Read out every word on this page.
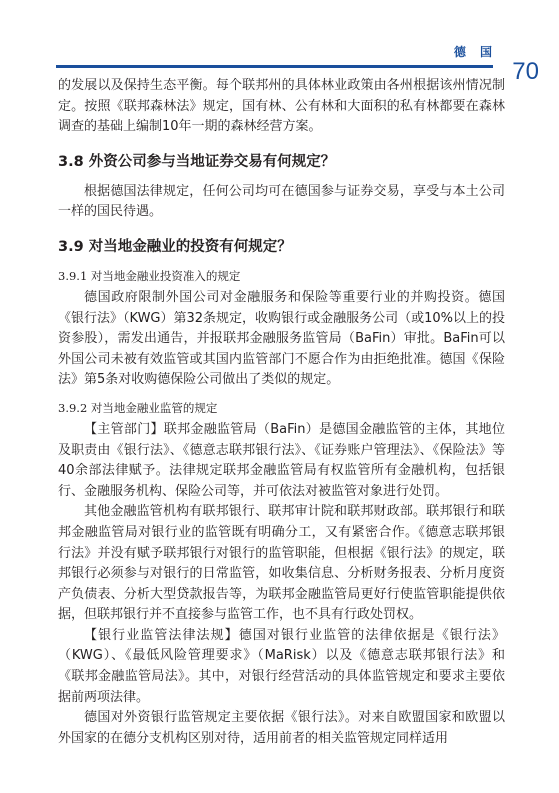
德 国
70

的发展以及保持生态平衡。每个联邦州的具体林业政策由各州根据该州情况制定。按照《联邦森林法》规定，国有林、公有林和大面积的私有林都要在森林调查的基础上编制10年一期的森林经营方案。

3.8 外资公司参与当地证券交易有何规定？

根据德国法律规定，任何公司均可在德国参与证券交易，享受与本土公司一样的国民待遇。

3.9 对当地金融业的投资有何规定？
3.9.1 对当地金融业投资准入的规定

德国政府限制外国公司对金融服务和保险等重要行业的并购投资。德国《银行法》（KWG）第32条规定，收购银行或金融服务公司（或10%以上的投资参股），需发出通告，并报联邦金融服务监管局（BaFin）审批。BaFin可以外国公司未被有效监管或其国内监管部门不愿合作为由拒绝批准。德国《保险法》第5条对收购德保险公司做出了类似的规定。

3.9.2 对当地金融业监管的规定

【主管部门】联邦金融监管局（BaFin）是德国金融监管的主体，其地位及职责由《银行法》、《德意志联邦银行法》、《证券账户管理法》、《保险法》等40余部法律赋予。法律规定联邦金融监管局有权监管所有金融机构，包括银行、金融服务机构、保险公司等，并可依法对被监管对象进行处罚。

其他金融监管机构有联邦银行、联邦审计院和联邦财政部。联邦银行和联邦金融监管局对银行业的监管既有明确分工，又有紧密合作。《德意志联邦银行法》并没有赋予联邦银行对银行的监管职能，但根据《银行法》的规定，联邦银行必须参与对银行的日常监管，如收集信息、分析财务报表、分析月度资产负债表、分析大型贷款报告等，为联邦金融监管局更好行使监管职能提供依据，但联邦银行并不直接参与监管工作，也不具有行政处罚权。

【银行业监管法律法规】德国对银行业监管的法律依据是《银行法》（KWG）、《最低风险管理要求》（MaRisk）以及《德意志联邦银行法》和《联邦金融监管局法》。其中，对银行经营活动的具体监管规定和要求主要依据前两项法律。

德国对外资银行监管规定主要依据《银行法》。对来自欧盟国家和欧盟以外国家的在德分支机构区别对待，适用前者的相关监管规定同样适用
